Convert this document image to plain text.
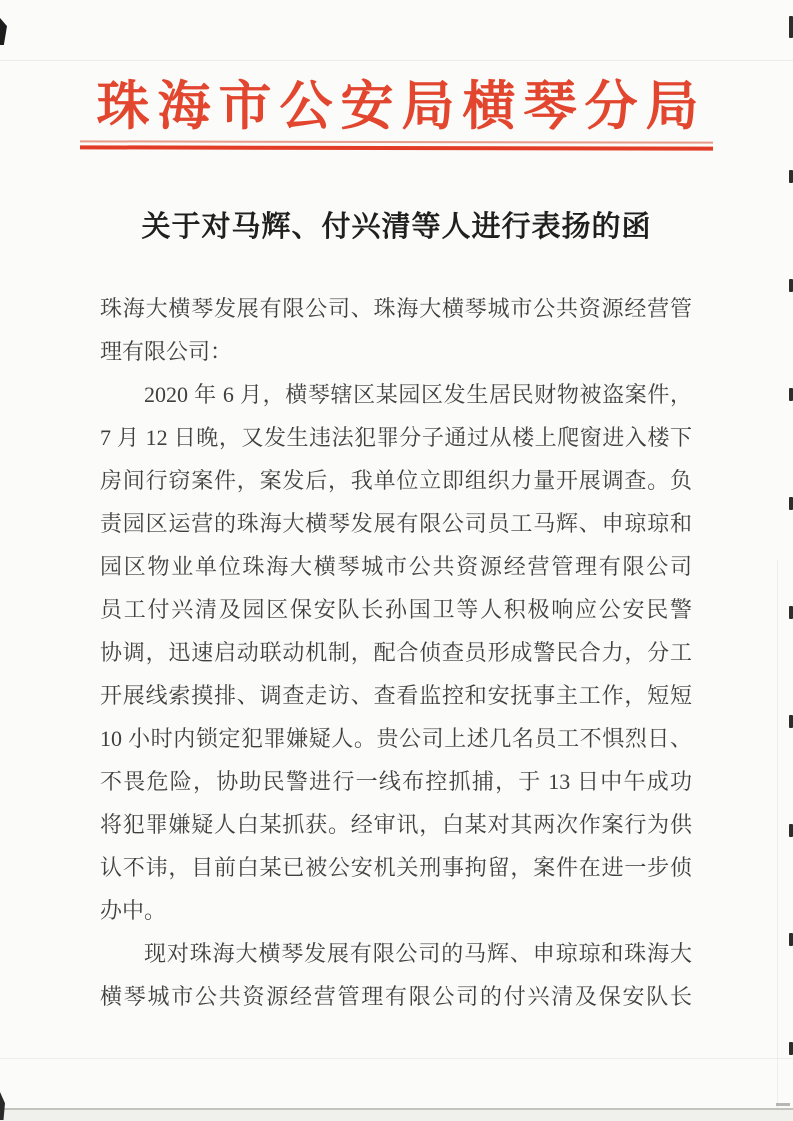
珠海市公安局横琴分局
关于对马辉、付兴清等人进行表扬的函
珠海大横琴发展有限公司、珠海大横琴城市公共资源经营管
理有限公司：
2020 年 6 月，横琴辖区某园区发生居民财物被盗案件，
7 月 12 日晚，又发生违法犯罪分子通过从楼上爬窗进入楼下
房间行窃案件，案发后，我单位立即组织力量开展调查。负
责园区运营的珠海大横琴发展有限公司员工马辉、申琼琼和
园区物业单位珠海大横琴城市公共资源经营管理有限公司
员工付兴清及园区保安队长孙国卫等人积极响应公安民警
协调，迅速启动联动机制，配合侦查员形成警民合力，分工
开展线索摸排、调查走访、查看监控和安抚事主工作，短短
10 小时内锁定犯罪嫌疑人。贵公司上述几名员工不惧烈日、
不畏危险，协助民警进行一线布控抓捕，于 13 日中午成功
将犯罪嫌疑人白某抓获。经审讯，白某对其两次作案行为供
认不讳，目前白某已被公安机关刑事拘留，案件在进一步侦
办中。
现对珠海大横琴发展有限公司的马辉、申琼琼和珠海大
横琴城市公共资源经营管理有限公司的付兴清及保安队长
